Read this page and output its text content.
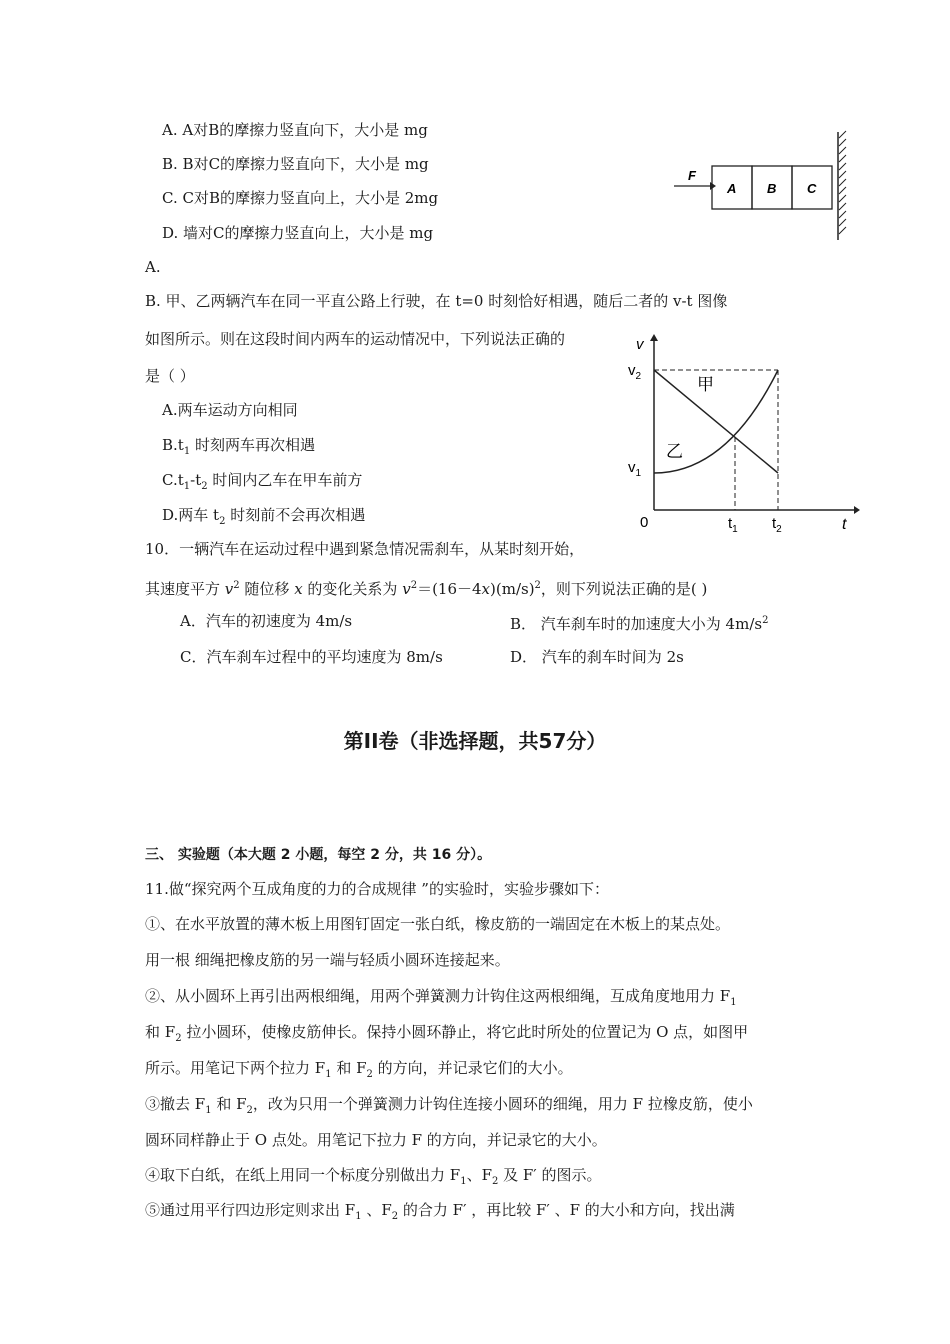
A. A对B的摩擦力竖直向下，大小是 mg
B. B对C的摩擦力竖直向下，大小是 mg
C. C对B的摩擦力竖直向上，大小是 2mg
D. 墙对C的摩擦力竖直向上，大小是 mg
F
A B C
A.
B. 甲、乙两辆汽车在同一平直公路上行驶，在 t=0 时刻恰好相遇，随后二者的 v-t 图像
如图所示。则在这段时间内两车的运动情况中，下列说法正确的
是（ ）
A.两车运动方向相同
$B.t_1$ 时刻两车再次相遇
$C.t_1-t_2$ 时间内乙车在甲车前方
D.两车 $t_2$ 时刻前不会再次相遇
v
t
0
$v_2$
$v_1$
$t_1$ $t_2$
甲
乙
10．一辆汽车在运动过程中遇到紧急情况需刹车，从某时刻开始，
其速度平方 $v^2$ 随位移 x 的变化关系为 $v^2=(16-4x)(m/s)^2$，则下列说法正确的是( )
A．汽车的初速度为 4m/s	B． 汽车刹车时的加速度大小为 $4m/s^2$
C．汽车刹车过程中的平均速度为 8m/s	D． 汽车的刹车时间为 2s
第II卷（非选择题，共57分）
三、 实验题（本大题 2 小题，每空 2 分，共 16 分）。
11.做“探究两个互成角度的力的合成规律 ”的实验时，实验步骤如下：
①、在水平放置的薄木板上用图钉固定一张白纸，橡皮筋的一端固定在木板上的某点处。
用一根 细绳把橡皮筋的另一端与轻质小圆环连接起来。
②、从小圆环上再引出两根细绳，用两个弹簧测力计钩住这两根细绳，互成角度地用力 $F_1$
和 $F_2$ 拉小圆环，使橡皮筋伸长。保持小圆环静止，将它此时所处的位置记为 O 点，如图甲
所示。用笔记下两个拉力 $F_1$ 和 $F_2$ 的方向，并记录它们的大小。
③撤去 $F_1$ 和 $F_2$，改为只用一个弹簧测力计钩住连接小圆环的细绳，用力 F 拉橡皮筋，使小
圆环同样静止于 O 点处。用笔记下拉力 F 的方向，并记录它的大小。
④取下白纸，在纸上用同一个标度分别做出力 $F_1$、$F_2$ 及 F′ 的图示。
⑤通过用平行四边形定则求出 $F_1$ 、$F_2$ 的合力 F′ ，再比较 F′ 、F 的大小和方向，找出满
